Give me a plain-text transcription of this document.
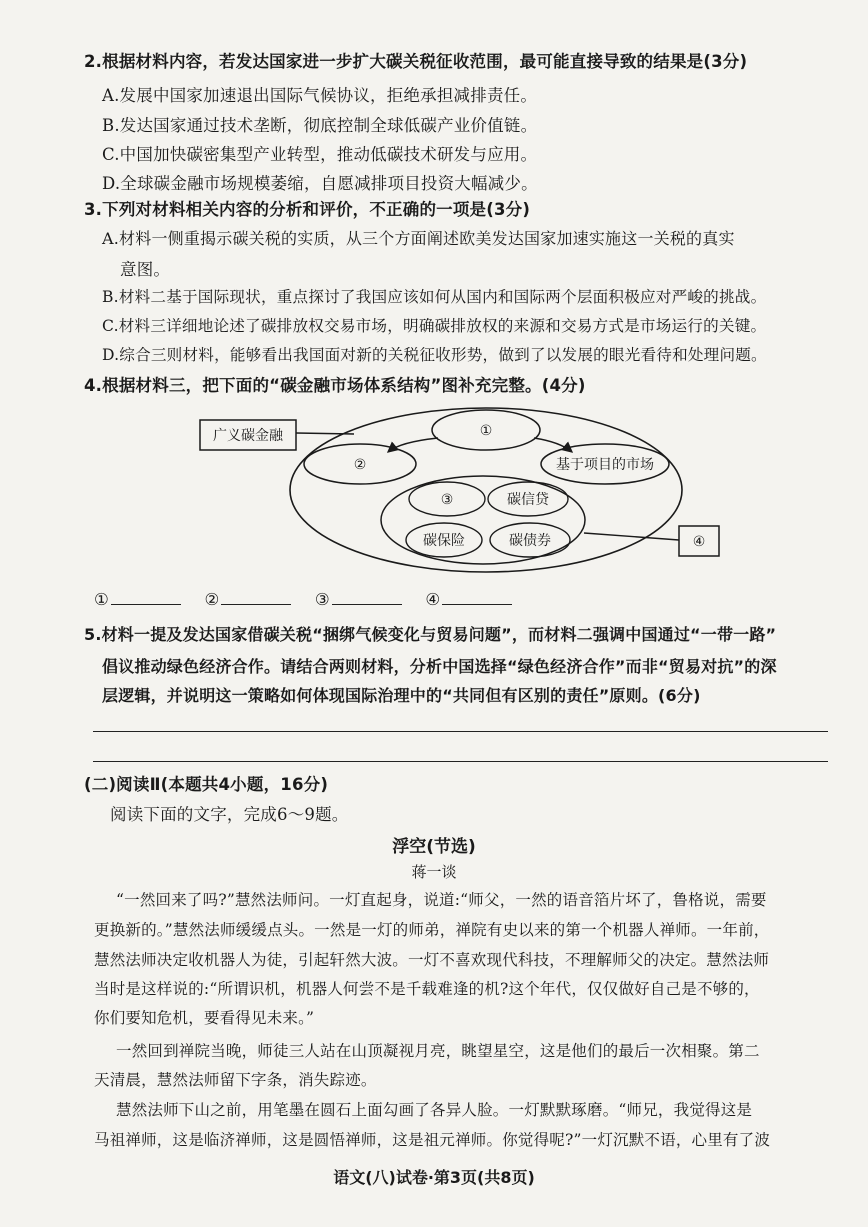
2.根据材料内容，若发达国家进一步扩大碳关税征收范围，最可能直接导致的结果是(3分)
A.发展中国家加速退出国际气候协议，拒绝承担减排责任。
B.发达国家通过技术垄断，彻底控制全球低碳产业价值链。
C.中国加快碳密集型产业转型，推动低碳技术研发与应用。
D.全球碳金融市场规模萎缩，自愿减排项目投资大幅减少。
3.下列对材料相关内容的分析和评价，不正确的一项是(3分)
A.材料一侧重揭示碳关税的实质，从三个方面阐述欧美发达国家加速实施这一关税的真实
意图。
B.材料二基于国际现状，重点探讨了我国应该如何从国内和国际两个层面积极应对严峻的挑战。
C.材料三详细地论述了碳排放权交易市场，明确碳排放权的来源和交易方式是市场运行的关键。
D.综合三则材料，能够看出我国面对新的关税征收形势，做到了以发展的眼光看待和处理问题。
4.根据材料三，把下面的“碳金融市场体系结构”图补充完整。(4分)
广义碳金融	①
②	基于项目的市场
③	碳信贷
碳保险	碳债券	④
①	②	③	④
5.材料一提及发达国家借碳关税“捆绑气候变化与贸易问题”，而材料二强调中国通过“一带一路”
倡议推动绿色经济合作。请结合两则材料，分析中国选择“绿色经济合作”而非“贸易对抗”的深
层逻辑，并说明这一策略如何体现国际治理中的“共同但有区别的责任”原则。(6分)
(二)阅读Ⅱ(本题共4小题，16分)
阅读下面的文字，完成6～9题。
浮空(节选)
蒋一谈
“一然回来了吗?”慧然法师问。一灯直起身，说道:“师父，一然的语音箔片坏了，鲁格说，需要
更换新的。”慧然法师缓缓点头。一然是一灯的师弟，禅院有史以来的第一个机器人禅师。一年前，
慧然法师决定收机器人为徒，引起轩然大波。一灯不喜欢现代科技，不理解师父的决定。慧然法师
当时是这样说的:“所谓识机，机器人何尝不是千载难逢的机?这个年代，仅仅做好自己是不够的，
你们要知危机，要看得见未来。”
一然回到禅院当晚，师徒三人站在山顶凝视月亮，眺望星空，这是他们的最后一次相聚。第二
天清晨，慧然法师留下字条，消失踪迹。
慧然法师下山之前，用笔墨在圆石上面勾画了各异人脸。一灯默默琢磨。“师兄，我觉得这是
马祖禅师，这是临济禅师，这是圆悟禅师，这是祖元禅师。你觉得呢?”一灯沉默不语，心里有了波
语文(八)试卷·第3页(共8页)
